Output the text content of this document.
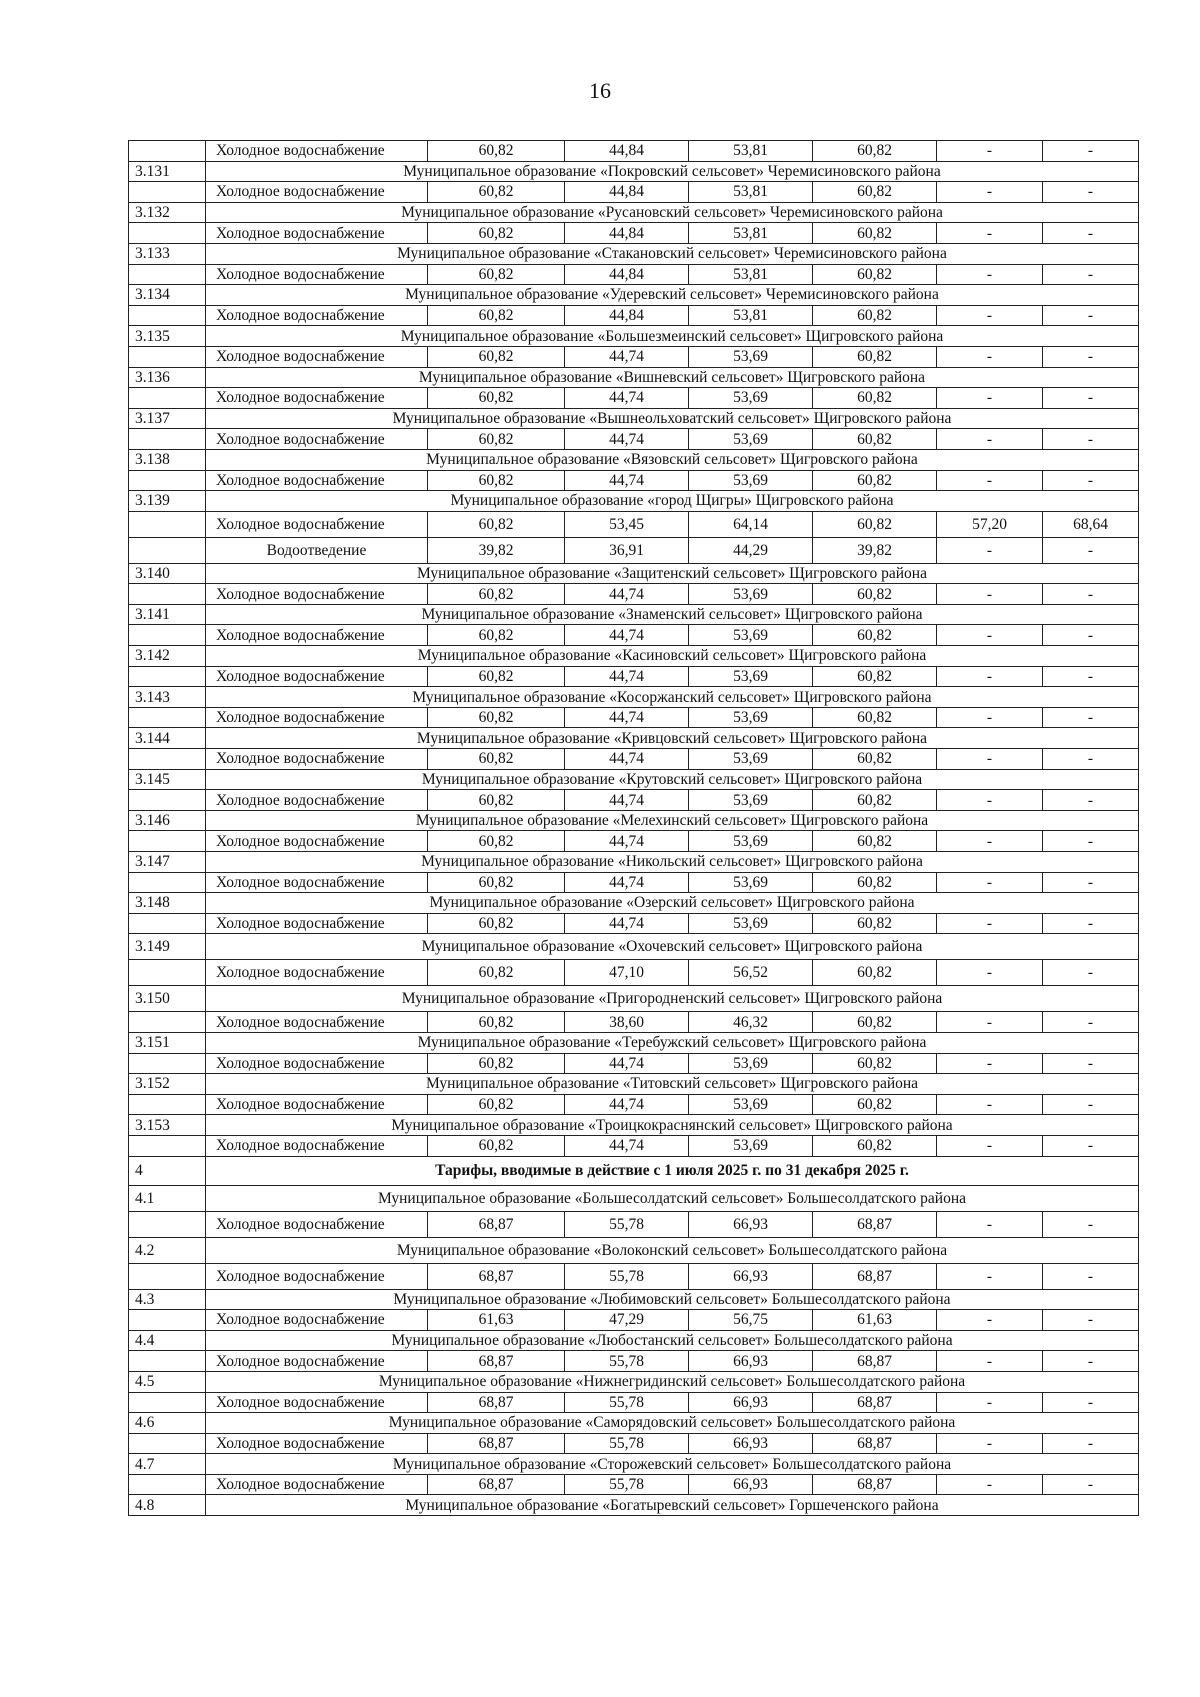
16
	Холодное водоснабжение	60,82	44,84	53,81	60,82	-	-
3.131	Муниципальное образование «Покровский сельсовет» Черемисиновского района						
	Холодное водоснабжение	60,82	44,84	53,81	60,82	-	-
3.132	Муниципальное образование «Русановский сельсовет» Черемисиновского района						
	Холодное водоснабжение	60,82	44,84	53,81	60,82	-	-
3.133	Муниципальное образование «Стакановский сельсовет» Черемисиновского района						
	Холодное водоснабжение	60,82	44,84	53,81	60,82	-	-
3.134	Муниципальное образование «Удеревский сельсовет» Черемисиновского района						
	Холодное водоснабжение	60,82	44,84	53,81	60,82	-	-
3.135	Муниципальное образование «Большезмеинский сельсовет» Щигровского района						
	Холодное водоснабжение	60,82	44,74	53,69	60,82	-	-
3.136	Муниципальное образование «Вишневский сельсовет» Щигровского района						
	Холодное водоснабжение	60,82	44,74	53,69	60,82	-	-
3.137	Муниципальное образование «Вышнеольховатский сельсовет» Щигровского района						
	Холодное водоснабжение	60,82	44,74	53,69	60,82	-	-
3.138	Муниципальное образование «Вязовский сельсовет» Щигровского района						
	Холодное водоснабжение	60,82	44,74	53,69	60,82	-	-
3.139	Муниципальное образование «город Щигры» Щигровского района						
	Холодное водоснабжение	60,82	53,45	64,14	60,82	57,20	68,64
	Водоотведение	39,82	36,91	44,29	39,82	-	-
3.140	Муниципальное образование «Защитенский сельсовет» Щигровского района						
	Холодное водоснабжение	60,82	44,74	53,69	60,82	-	-
3.141	Муниципальное образование «Знаменский сельсовет» Щигровского района						
	Холодное водоснабжение	60,82	44,74	53,69	60,82	-	-
3.142	Муниципальное образование «Касиновский сельсовет» Щигровского района						
	Холодное водоснабжение	60,82	44,74	53,69	60,82	-	-
3.143	Муниципальное образование «Косоржанский сельсовет» Щигровского района						
	Холодное водоснабжение	60,82	44,74	53,69	60,82	-	-
3.144	Муниципальное образование «Кривцовский сельсовет» Щигровского района						
	Холодное водоснабжение	60,82	44,74	53,69	60,82	-	-
3.145	Муниципальное образование «Крутовский сельсовет» Щигровского района						
	Холодное водоснабжение	60,82	44,74	53,69	60,82	-	-
3.146	Муниципальное образование «Мелехинский сельсовет» Щигровского района						
	Холодное водоснабжение	60,82	44,74	53,69	60,82	-	-
3.147	Муниципальное образование «Никольский сельсовет» Щигровского района						
	Холодное водоснабжение	60,82	44,74	53,69	60,82	-	-
3.148	Муниципальное образование «Озерский сельсовет» Щигровского района						
	Холодное водоснабжение	60,82	44,74	53,69	60,82	-	-
3.149	Муниципальное образование «Охочевский сельсовет» Щигровского района						
	Холодное водоснабжение	60,82	47,10	56,52	60,82	-	-
3.150	Муниципальное образование «Пригородненский сельсовет» Щигровского района						
	Холодное водоснабжение	60,82	38,60	46,32	60,82	-	-
3.151	Муниципальное образование «Теребужский сельсовет» Щигровского района						
	Холодное водоснабжение	60,82	44,74	53,69	60,82	-	-
3.152	Муниципальное образование «Титовский сельсовет» Щигровского района						
	Холодное водоснабжение	60,82	44,74	53,69	60,82	-	-
3.153	Муниципальное образование «Троицкокраснянский сельсовет» Щигровского района						
	Холодное водоснабжение	60,82	44,74	53,69	60,82	-	-
4	Тарифы, вводимые в действие с 1 июля 2025 г. по 31 декабря 2025 г.						
4.1	Муниципальное образование «Большесолдатский сельсовет» Большесолдатского района						
	Холодное водоснабжение	68,87	55,78	66,93	68,87	-	-
4.2	Муниципальное образование «Волоконский сельсовет» Большесолдатского района						
	Холодное водоснабжение	68,87	55,78	66,93	68,87	-	-
4.3	Муниципальное образование «Любимовский сельсовет» Большесолдатского района						
	Холодное водоснабжение	61,63	47,29	56,75	61,63	-	-
4.4	Муниципальное образование «Любостанский сельсовет» Большесолдатского района						
	Холодное водоснабжение	68,87	55,78	66,93	68,87	-	-
4.5	Муниципальное образование «Нижнегридинский сельсовет» Большесолдатского района						
	Холодное водоснабжение	68,87	55,78	66,93	68,87	-	-
4.6	Муниципальное образование «Саморядовский сельсовет» Большесолдатского района						
	Холодное водоснабжение	68,87	55,78	66,93	68,87	-	-
4.7	Муниципальное образование «Сторожевский сельсовет» Большесолдатского района						
	Холодное водоснабжение	68,87	55,78	66,93	68,87	-	-
4.8	Муниципальное образование «Богатыревский сельсовет» Горшеченского района						
